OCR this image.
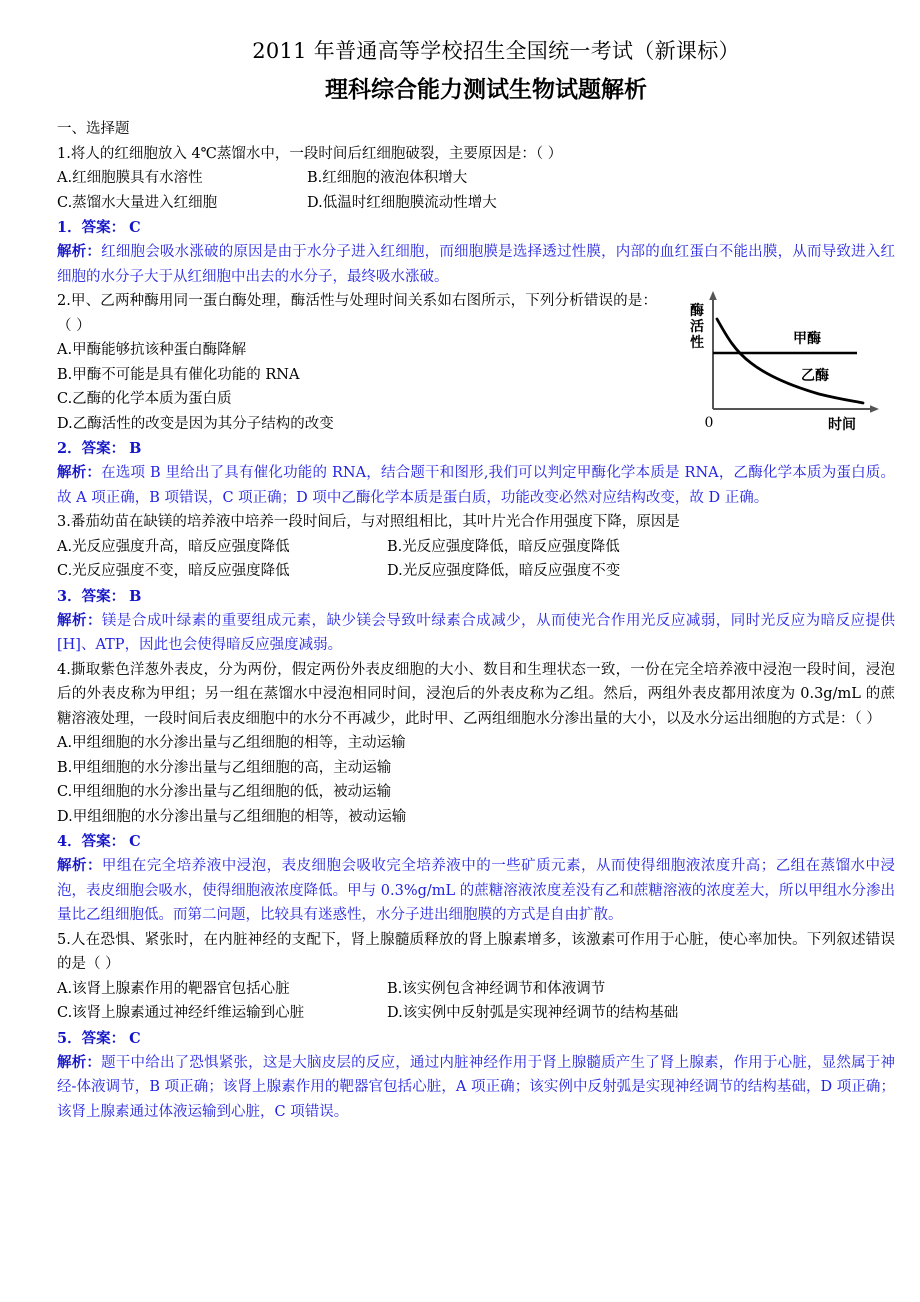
2011 年普通高等学校招生全国统一考试（新课标）
理科综合能力测试生物试题解析
一、选择题
1.将人的红细胞放入 4℃蒸馏水中，一段时间后红细胞破裂，主要原因是：（ ）
A.红细胞膜具有水溶性	B.红细胞的液泡体积增大
C.蒸馏水大量进入红细胞	D.低温时红细胞膜流动性增大
1．答案： C
解析：红细胞会吸水涨破的原因是由于水分子进入红细胞，而细胞膜是选择透过性膜，内部的血红蛋白不能出膜，从而导致进入红细胞的水分子大于从红细胞中出去的水分子，最终吸水涨破。
酶
活
性
0	时间
甲酶
乙酶
2.甲、乙两种酶用同一蛋白酶处理，酶活性与处理时间关系如右图所示，下列分析错误的是：（ ）
A.甲酶能够抗该种蛋白酶降解
B.甲酶不可能是具有催化功能的 RNA
C.乙酶的化学本质为蛋白质
D.乙酶活性的改变是因为其分子结构的改变
2．答案： B
解析：在选项 B 里给出了具有催化功能的 RNA，结合题干和图形,我们可以判定甲酶化学本质是 RNA，乙酶化学本质为蛋白质。故 A 项正确，B 项错误，C 项正确；D 项中乙酶化学本质是蛋白质，功能改变必然对应结构改变，故 D 正确。
3.番茄幼苗在缺镁的培养液中培养一段时间后，与对照组相比，其叶片光合作用强度下降，原因是
A.光反应强度升高，暗反应强度降低	B.光反应强度降低，暗反应强度降低
C.光反应强度不变，暗反应强度降低	D.光反应强度降低，暗反应强度不变
3．答案： B
解析：镁是合成叶绿素的重要组成元素，缺少镁会导致叶绿素合成减少，从而使光合作用光反应减弱，同时光反应为暗反应提供[H]、ATP，因此也会使得暗反应强度减弱。
4.撕取紫色洋葱外表皮，分为两份，假定两份外表皮细胞的大小、数目和生理状态一致，一份在完全培养液中浸泡一段时间，浸泡后的外表皮称为甲组；另一组在蒸馏水中浸泡相同时间，浸泡后的外表皮称为乙组。然后，两组外表皮都用浓度为 0.3g/mL 的蔗糖溶液处理，一段时间后表皮细胞中的水分不再减少，此时甲、乙两组细胞水分渗出量的大小，以及水分运出细胞的方式是：（ ）
A.甲组细胞的水分渗出量与乙组细胞的相等，主动运输
B.甲组细胞的水分渗出量与乙组细胞的高，主动运输
C.甲组细胞的水分渗出量与乙组细胞的低，被动运输
D.甲组细胞的水分渗出量与乙组细胞的相等，被动运输
4．答案： C
解析：甲组在完全培养液中浸泡，表皮细胞会吸收完全培养液中的一些矿质元素，从而使得细胞液浓度升高；乙组在蒸馏水中浸泡，表皮细胞会吸水，使得细胞液浓度降低。甲与 0.3%g/mL 的蔗糖溶液浓度差没有乙和蔗糖溶液的浓度差大，所以甲组水分渗出量比乙组细胞低。而第二问题，比较具有迷惑性，水分子进出细胞膜的方式是自由扩散。
5.人在恐惧、紧张时，在内脏神经的支配下，肾上腺髓质释放的肾上腺素增多，该激素可作用于心脏，使心率加快。下列叙述错误的是（ ）
A.该肾上腺素作用的靶器官包括心脏	B.该实例包含神经调节和体液调节
C.该肾上腺素通过神经纤维运输到心脏	D.该实例中反射弧是实现神经调节的结构基础
5．答案： C
解析：题干中给出了恐惧紧张，这是大脑皮层的反应，通过内脏神经作用于肾上腺髓质产生了肾上腺素，作用于心脏，显然属于神经-体液调节，B 项正确；该肾上腺素作用的靶器官包括心脏，A 项正确；该实例中反射弧是实现神经调节的结构基础，D 项正确；该肾上腺素通过体液运输到心脏，C 项错误。
